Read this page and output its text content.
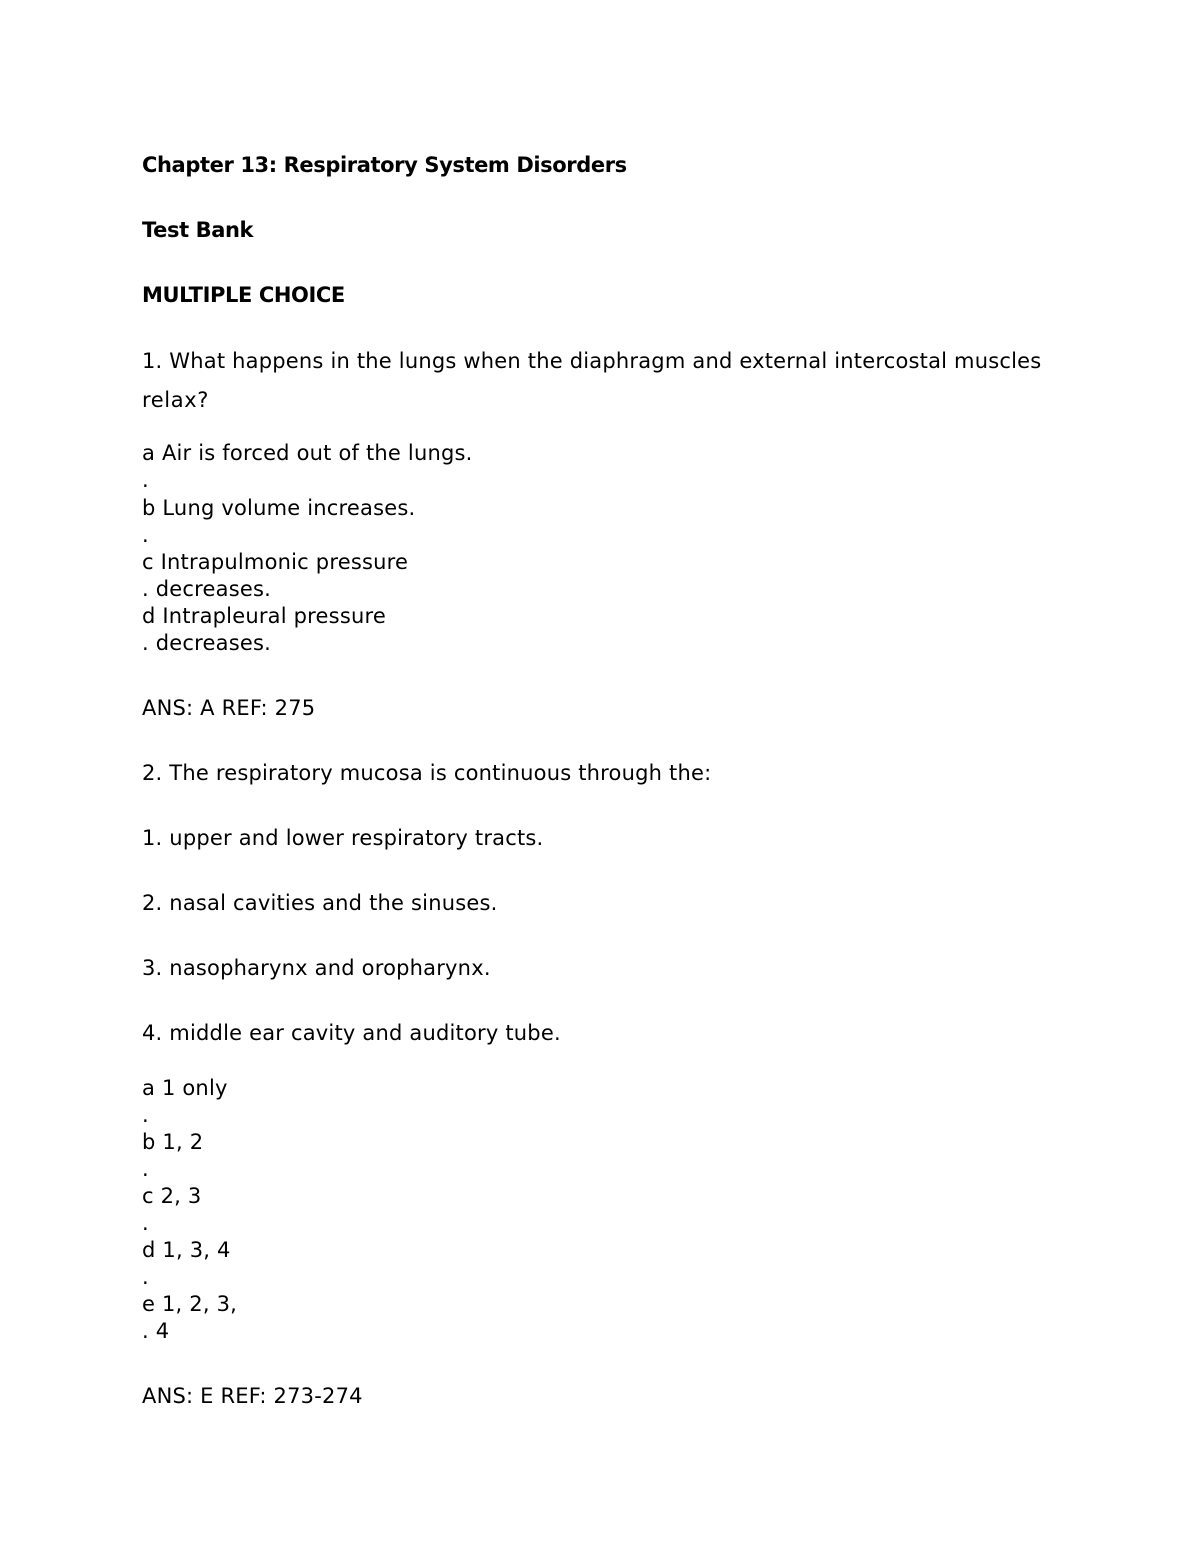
Chapter 13: Respiratory System Disorders
Test Bank
MULTIPLE CHOICE
1. What happens in the lungs when the diaphragm and external intercostal muscles
relax?
a Air is forced out of the lungs.
.
b Lung volume increases.
.
c Intrapulmonic pressure
. decreases.
d Intrapleural pressure
. decreases.
ANS: A REF: 275
2. The respiratory mucosa is continuous through the:
1. upper and lower respiratory tracts.
2. nasal cavities and the sinuses.
3. nasopharynx and oropharynx.
4. middle ear cavity and auditory tube.
a 1 only
.
b 1, 2
.
c 2, 3
.
d 1, 3, 4
.
e 1, 2, 3,
. 4
ANS: E REF: 273-274
